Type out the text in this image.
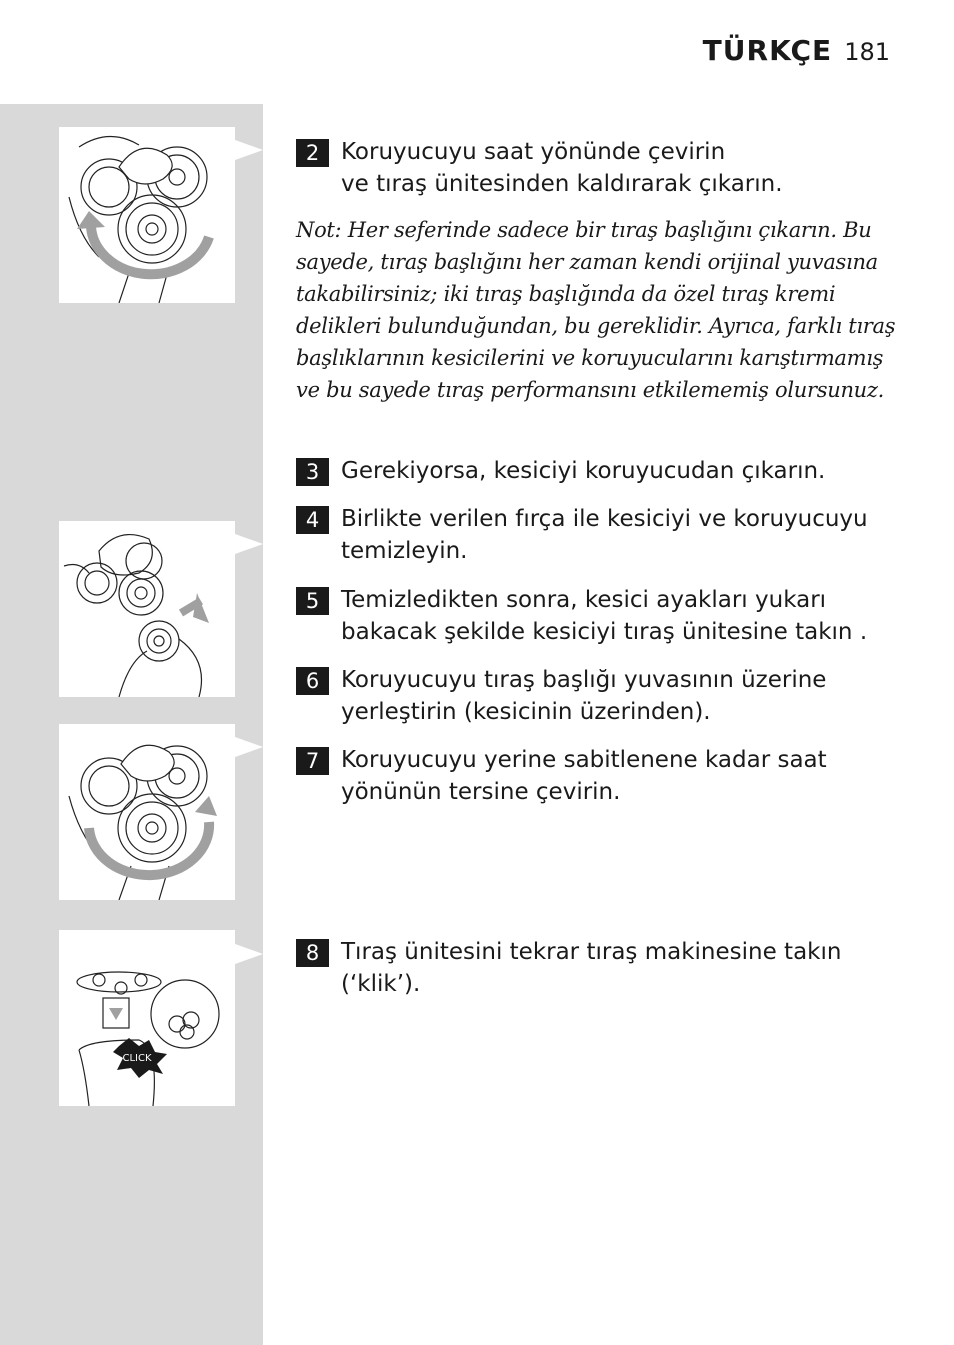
TÜRKÇE 181
CLICK
2 Koruyucuyu saat yönünde çevirin
ve tıraş ünitesinden kaldırarak çıkarın.
Not: Her seferinde sadece bir tıraş başlığını çıkarın. Bu sayede, tıraş başlığını her zaman kendi orijinal yuvasına takabilirsiniz; iki tıraş başlığında da özel tıraş kremi delikleri bulunduğundan, bu gereklidir. Ayrıca, farklı tıraş başlıklarının kesicilerini ve koruyucularını karıştırmamış ve bu sayede tıraş performansını etkilememiş olursunuz.
3 Gerekiyorsa, kesiciyi koruyucudan çıkarın.
4 Birlikte verilen fırça ile kesiciyi ve koruyucuyu temizleyin.
5 Temizledikten sonra, kesici ayakları yukarı bakacak şekilde kesiciyi tıraş ünitesine takın .
6 Koruyucuyu tıraş başlığı yuvasının üzerine yerleştirin (kesicinin üzerinden).
7 Koruyucuyu yerine sabitlenene kadar saat yönünün tersine çevirin.
8 Tıraş ünitesini tekrar tıraş makinesine takın (‘klik’).
